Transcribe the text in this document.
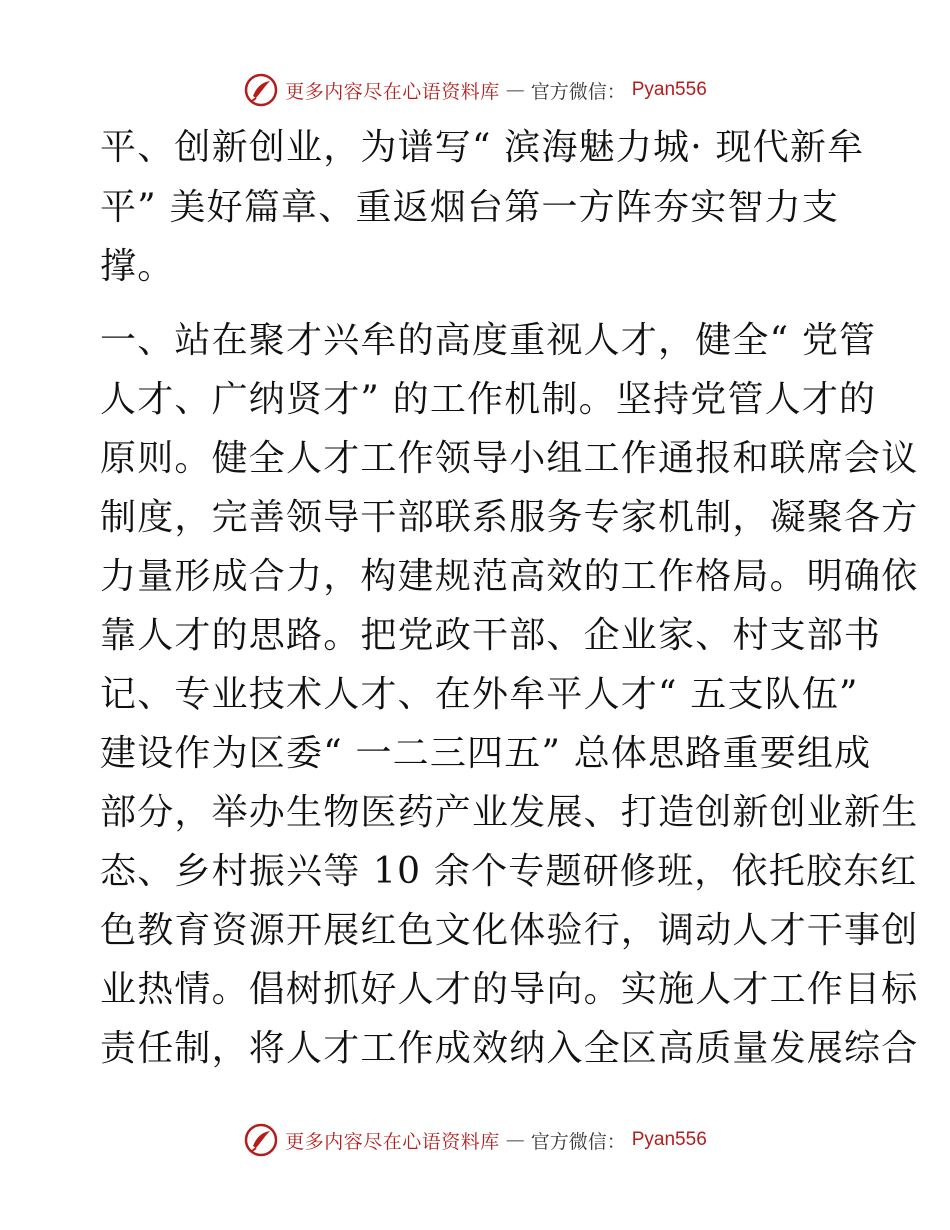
更多内容尽在心语资料库 — 官方微信： Pyan556
平、创新创业，为谱写“ 滨海魅力城· 现代新牟
平” 美好篇章、重返烟台第一方阵夯实智力支
撑。
一、站在聚才兴牟的高度重视人才，健全“ 党管
人才、广纳贤才” 的工作机制。坚持党管人才的
原则。健全人才工作领导小组工作通报和联席会议
制度，完善领导干部联系服务专家机制，凝聚各方
力量形成合力，构建规范高效的工作格局。明确依
靠人才的思路。把党政干部、企业家、村支部书
记、专业技术人才、在外牟平人才“ 五支队伍”
建设作为区委“ 一二三四五” 总体思路重要组成
部分，举办生物医药产业发展、打造创新创业新生
态、乡村振兴等 10 余个专题研修班，依托胶东红
色教育资源开展红色文化体验行，调动人才干事创
业热情。倡树抓好人才的导向。实施人才工作目标
责任制，将人才工作成效纳入全区高质量发展综合
更多内容尽在心语资料库 — 官方微信： Pyan556
